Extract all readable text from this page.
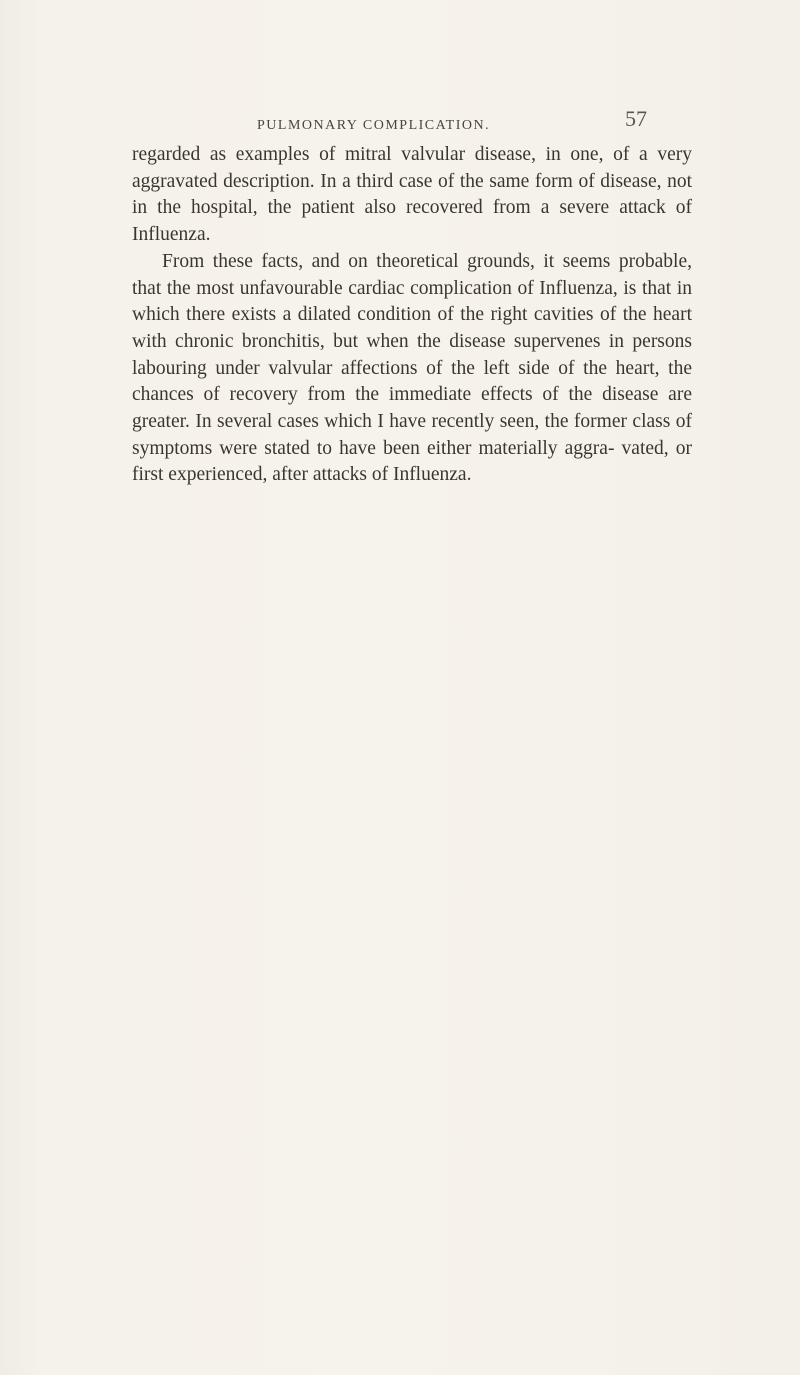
PULMONARY COMPLICATION.	57

regarded as examples of mitral valvular disease, in one, of a very aggravated description. In a third case of the same form of disease, not in the hospital, the patient also recovered from a severe attack of Influenza.

From these facts, and on theoretical grounds, it seems probable, that the most unfavourable cardiac complication of Influenza, is that in which there exists a dilated condition of the right cavities of the heart with chronic bronchitis, but when the disease supervenes in persons labouring under valvular affections of the left side of the heart, the chances of recovery from the immediate effects of the disease are greater. In several cases which I have recently seen, the former class of symptoms were stated to have been either materially aggra- vated, or first experienced, after attacks of Influenza.
